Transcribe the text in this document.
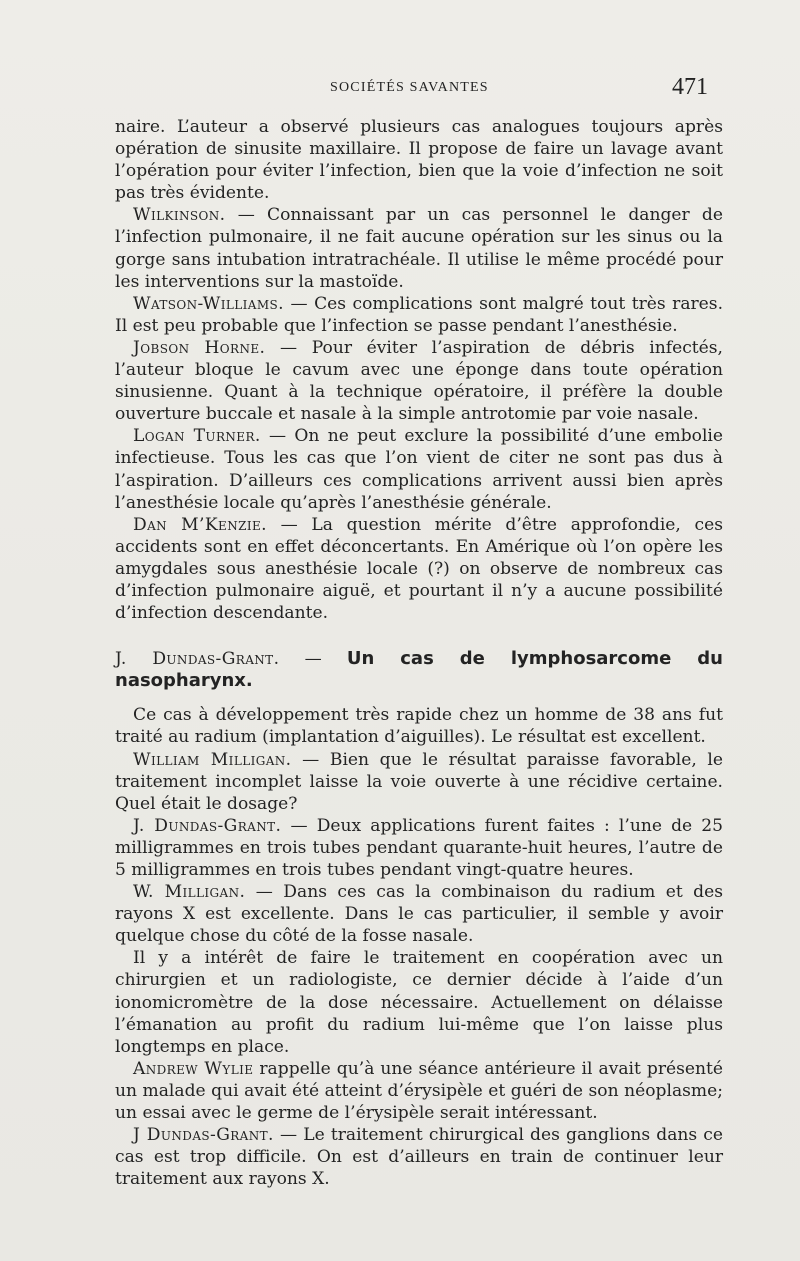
SOCIÉTÉS SAVANTES	471

naire. L’auteur a observé plusieurs cas analogues toujours après opération de sinusite maxillaire. Il propose de faire un lavage avant l’opération pour éviter l’infection, bien que la voie d’infection ne soit pas très évidente.

Wilkinson. — Connaissant par un cas personnel le danger de l’infection pulmonaire, il ne fait aucune opération sur les sinus ou la gorge sans intubation intratrachéale. Il utilise le même procédé pour les interventions sur la mastoïde.

Watson-Williams. — Ces complications sont malgré tout très rares. Il est peu probable que l’infection se passe pendant l’anesthésie.

Jobson Horne. — Pour éviter l’aspiration de débris infectés, l’auteur bloque le cavum avec une éponge dans toute opération sinusienne. Quant à la technique opératoire, il préfère la double ouverture buccale et nasale à la simple antrotomie par voie nasale.

Logan Turner. — On ne peut exclure la possibilité d’une embolie infectieuse. Tous les cas que l’on vient de citer ne sont pas dus à l’aspiration. D’ailleurs ces complications arrivent aussi bien après l’anesthésie locale qu’après l’anesthésie générale.

Dan M’Kenzie. — La question mérite d’être approfondie, ces accidents sont en effet déconcertants. En Amérique où l’on opère les amygdales sous anesthésie locale (?) on observe de nombreux cas d’infection pulmonaire aiguë, et pourtant il n’y a aucune possibilité d’infection descendante.

J. Dundas-Grant. — Un cas de lymphosarcome du nasopharynx.

Ce cas à développement très rapide chez un homme de 38 ans fut traité au radium (implantation d’aiguilles). Le résultat est excellent.

William Milligan. — Bien que le résultat paraisse favorable, le traitement incomplet laisse la voie ouverte à une récidive certaine. Quel était le dosage?

J. Dundas-Grant. — Deux applications furent faites : l’une de 25 milligrammes en trois tubes pendant quarante-huit heures, l’autre de 5 milligrammes en trois tubes pendant vingt-quatre heures.

W. Milligan. — Dans ces cas la combinaison du radium et des rayons X est excellente. Dans le cas particulier, il semble y avoir quelque chose du côté de la fosse nasale.

Il y a intérêt de faire le traitement en coopération avec un chirurgien et un radiologiste, ce dernier décide à l’aide d’un ionomicromètre de la dose nécessaire. Actuellement on délaisse l’émanation au profit du radium lui-même que l’on laisse plus longtemps en place.

Andrew Wylie rappelle qu’à une séance antérieure il avait présenté un malade qui avait été atteint d’érysipèle et guéri de son néoplasme; un essai avec le germe de l’érysipèle serait intéressant.

J Dundas-Grant. — Le traitement chirurgical des ganglions dans ce cas est trop difficile. On est d’ailleurs en train de continuer leur traitement aux rayons X.
